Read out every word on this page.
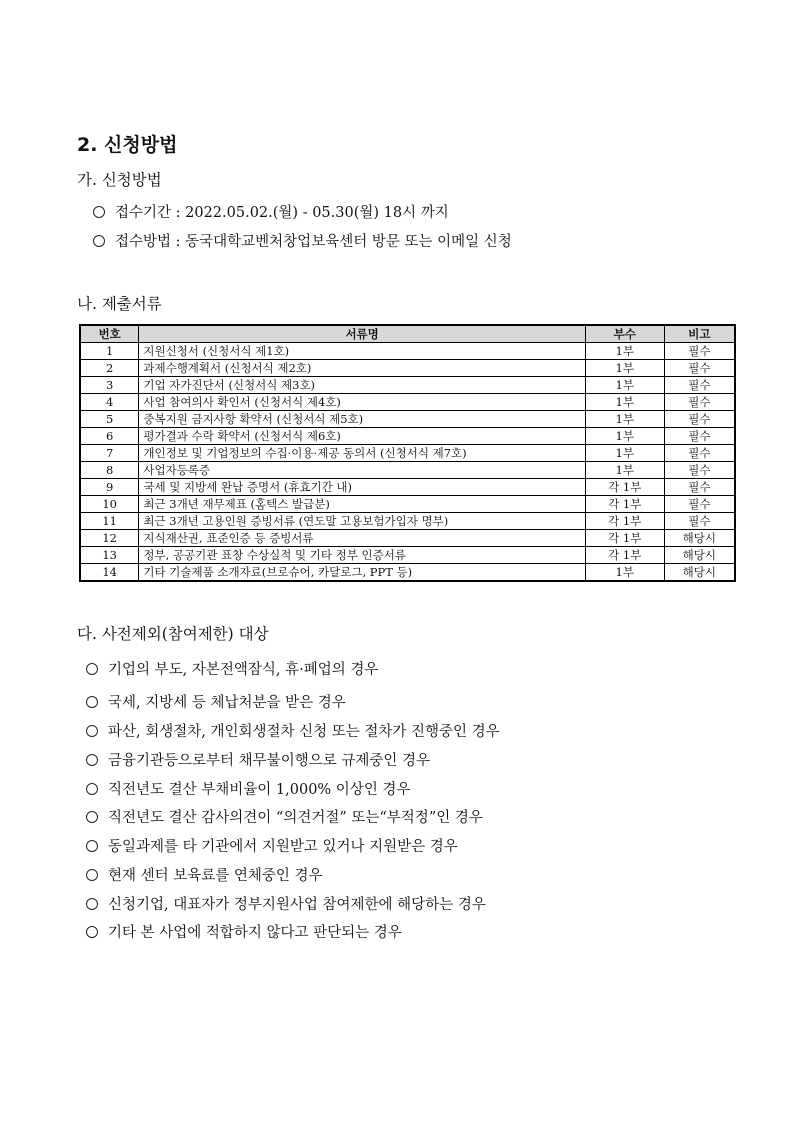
2. 신청방법
가. 신청방법
접수기간 : 2022.05.02.(월) - 05.30(월) 18시 까지
접수방법 : 동국대학교벤처창업보육센터 방문 또는 이메일 신청
나. 제출서류
번호	서류명	부수	비고
1	지원신청서 (신청서식 제1호)	1부	필수
2	과제수행계획서 (신청서식 제2호)	1부	필수
3	기업 자가진단서 (신청서식 제3호)	1부	필수
4	사업 참여의사 확인서 (신청서식 제4호)	1부	필수
5	중복지원 금지사항 확약서 (신청서식 제5호)	1부	필수
6	평가결과 수락 확약서 (신청서식 제6호)	1부	필수
7	개인정보 및 기업정보의 수집·이용·제공 동의서 (신청서식 제7호)	1부	필수
8	사업자등록증	1부	필수
9	국세 및 지방세 완납 증명서 (휴효기간 내)	각 1부	필수
10	최근 3개년 재무제표 (홈텍스 발급분)	각 1부	필수
11	최근 3개년 고용인원 증빙서류 (연도말 고용보험가입자 명부)	각 1부	필수
12	지식재산권, 표준인증 등 증빙서류	각 1부	해당시
13	정부, 공공기관 표창 수상실적 및 기타 정부 인증서류	각 1부	해당시
14	기타 기술제품 소개자료(브로슈어, 카달로그, PPT 등)	1부	해당시
다. 사전제외(참여제한) 대상
기업의 부도, 자본전액잠식, 휴·폐업의 경우
국세, 지방세 등 체납처분을 받은 경우
파산, 회생절차, 개인회생절차 신청 또는 절차가 진행중인 경우
금융기관등으로부터 채무불이행으로 규제중인 경우
직전년도 결산 부채비율이 1,000% 이상인 경우
직전년도 결산 감사의견이 “의견거절” 또는“부적정”인 경우
동일과제를 타 기관에서 지원받고 있거나 지원받은 경우
현재 센터 보육료를 연체중인 경우
신청기업, 대표자가 정부지원사업 참여제한에 해당하는 경우
기타 본 사업에 적합하지 않다고 판단되는 경우
